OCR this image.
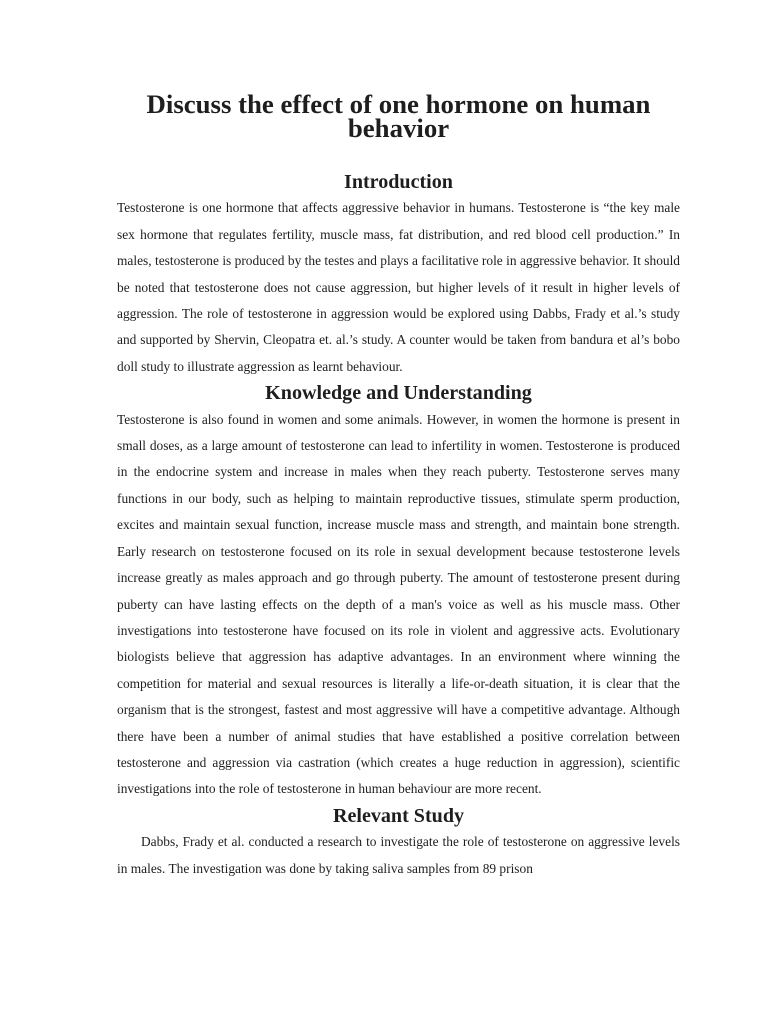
Discuss the effect of one hormone on human behavior
Introduction

Testosterone is one hormone that affects aggressive behavior in humans. Testosterone is “the key male sex hormone that regulates fertility, muscle mass, fat distribution, and red blood cell production.” In males, testosterone is produced by the testes and plays a facilitative role in aggressive behavior. It should be noted that testosterone does not cause aggression, but higher levels of it result in higher levels of aggression. The role of testosterone in aggression would be explored using Dabbs, Frady et al.’s study and supported by Shervin, Cleopatra et. al.’s study. A counter would be taken from bandura et al’s bobo doll study to illustrate aggression as learnt behaviour.

Knowledge and Understanding

Testosterone is also found in women and some animals. However, in women the hormone is present in small doses, as a large amount of testosterone can lead to infertility in women. Testosterone is produced in the endocrine system and increase in males when they reach puberty. Testosterone serves many functions in our body, such as helping to maintain reproductive tissues, stimulate sperm production, excites and maintain sexual function, increase muscle mass and strength, and maintain bone strength. Early research on testosterone focused on its role in sexual development because testosterone levels increase greatly as males approach and go through puberty. The amount of testosterone present during puberty can have lasting effects on the depth of a man's voice as well as his muscle mass. Other investigations into testosterone have focused on its role in violent and aggressive acts. Evolutionary biologists believe that aggression has adaptive advantages. In an environment where winning the competition for material and sexual resources is literally a life-or-death situation, it is clear that the organism that is the strongest, fastest and most aggressive will have a competitive advantage. Although there have been a number of animal studies that have established a positive correlation between testosterone and aggression via castration (which creates a huge reduction in aggression), scientific investigations into the role of testosterone in human behaviour are more recent.

Relevant Study

Dabbs, Frady et al. conducted a research to investigate the role of testosterone on aggressive levels in males. The investigation was done by taking saliva samples from 89 prison
